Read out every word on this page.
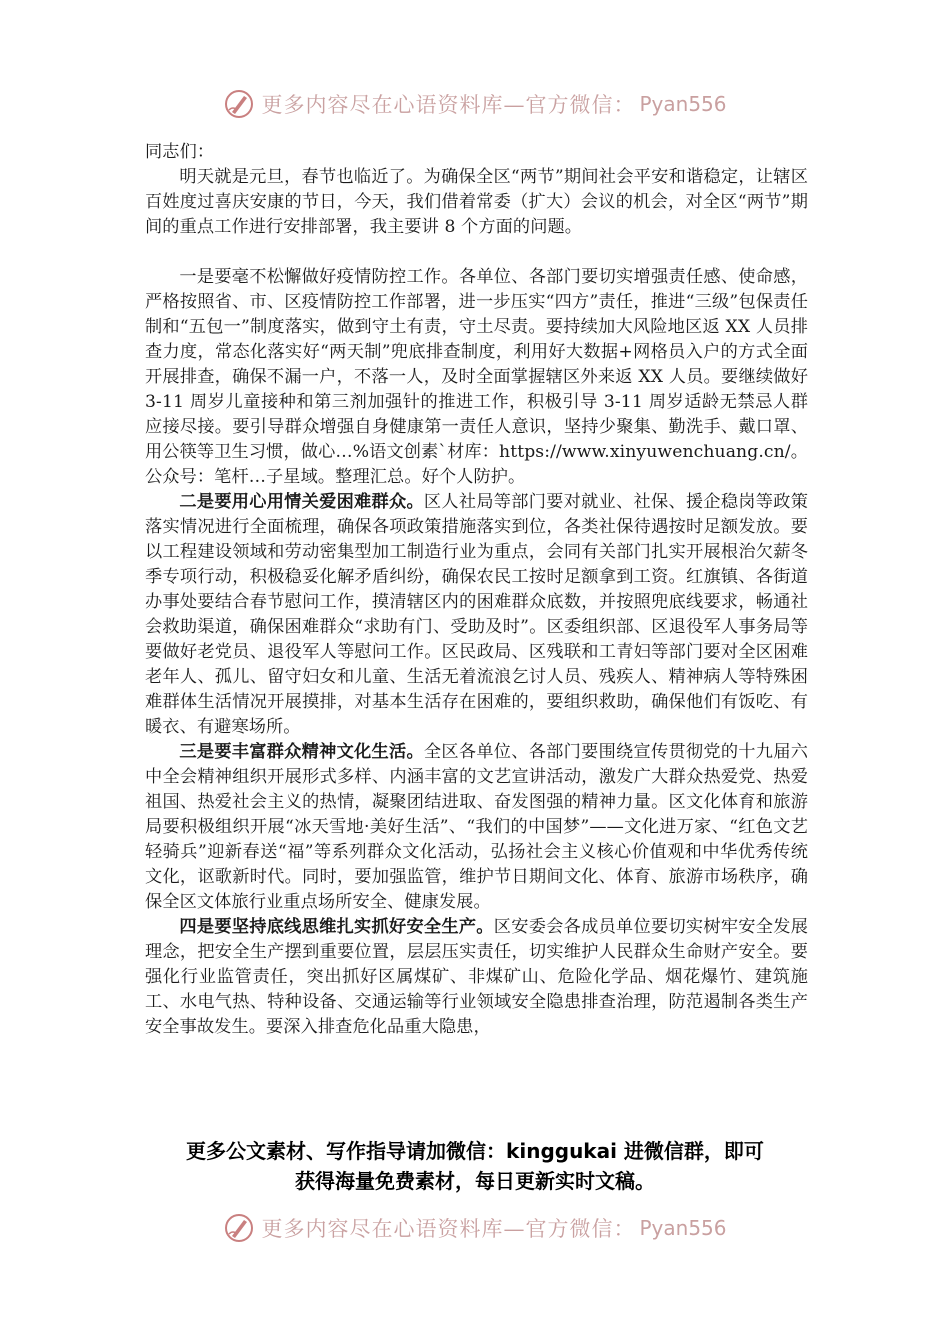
更多内容尽在心语资料库—官方微信： Pyan556

同志们：

明天就是元旦，春节也临近了。为确保全区“两节”期间社会平安和谐稳定，让辖区百姓度过喜庆安康的节日，今天，我们借着常委（扩大）会议的机会，对全区“两节”期间的重点工作进行安排部署，我主要讲 8 个方面的问题。

一是要毫不松懈做好疫情防控工作。各单位、各部门要切实增强责任感、使命感，严格按照省、市、区疫情防控工作部署，进一步压实“四方”责任，推进“三级”包保责任制和“五包一”制度落实，做到守土有责，守土尽责。要持续加大风险地区返 XX 人员排查力度，常态化落实好“两天制”兜底排查制度，利用好大数据+网格员入户的方式全面开展排查，确保不漏一户，不落一人，及时全面掌握辖区外来返 XX 人员。要继续做好 3-11 周岁儿童接种和第三剂加强针的推进工作，积极引导 3-11 周岁适龄无禁忌人群应接尽接。要引导群众增强自身健康第一责任人意识，坚持少聚集、勤洗手、戴口罩、用公筷等卫生习惯，做心…%语文创素`材库：https://www.xinyuwenchuang.cn/。公众号：笔杆…子星域。整理汇总。好个人防护。

二是要用心用情关爱困难群众。区人社局等部门要对就业、社保、援企稳岗等政策落实情况进行全面梳理，确保各项政策措施落实到位，各类社保待遇按时足额发放。要以工程建设领域和劳动密集型加工制造行业为重点，会同有关部门扎实开展根治欠薪冬季专项行动，积极稳妥化解矛盾纠纷，确保农民工按时足额拿到工资。红旗镇、各街道办事处要结合春节慰问工作，摸清辖区内的困难群众底数，并按照兜底线要求，畅通社会救助渠道，确保困难群众“求助有门、受助及时”。区委组织部、区退役军人事务局等要做好老党员、退役军人等慰问工作。区民政局、区残联和工青妇等部门要对全区困难老年人、孤儿、留守妇女和儿童、生活无着流浪乞讨人员、残疾人、精神病人等特殊困难群体生活情况开展摸排，对基本生活存在困难的，要组织救助，确保他们有饭吃、有暖衣、有避寒场所。

三是要丰富群众精神文化生活。全区各单位、各部门要围绕宣传贯彻党的十九届六中全会精神组织开展形式多样、内涵丰富的文艺宣讲活动，激发广大群众热爱党、热爱祖国、热爱社会主义的热情，凝聚团结进取、奋发图强的精神力量。区文化体育和旅游局要积极组织开展“冰天雪地·美好生活”、“我们的中国梦”——文化进万家、“红色文艺轻骑兵”迎新春送“福”等系列群众文化活动，弘扬社会主义核心价值观和中华优秀传统文化，讴歌新时代。同时，要加强监管，维护节日期间文化、体育、旅游市场秩序，确保全区文体旅行业重点场所安全、健康发展。

四是要坚持底线思维扎实抓好安全生产。区安委会各成员单位要切实树牢安全发展理念，把安全生产摆到重要位置，层层压实责任，切实维护人民群众生命财产安全。要强化行业监管责任，突出抓好区属煤矿、非煤矿山、危险化学品、烟花爆竹、建筑施工、水电气热、特种设备、交通运输等行业领域安全隐患排查治理，防范遏制各类生产安全事故发生。要深入排查危化品重大隐患，

更多公文素材、写作指导请加微信：kinggukai 进微信群，即可
获得海量免费素材，每日更新实时文稿。
更多内容尽在心语资料库—官方微信： Pyan556
